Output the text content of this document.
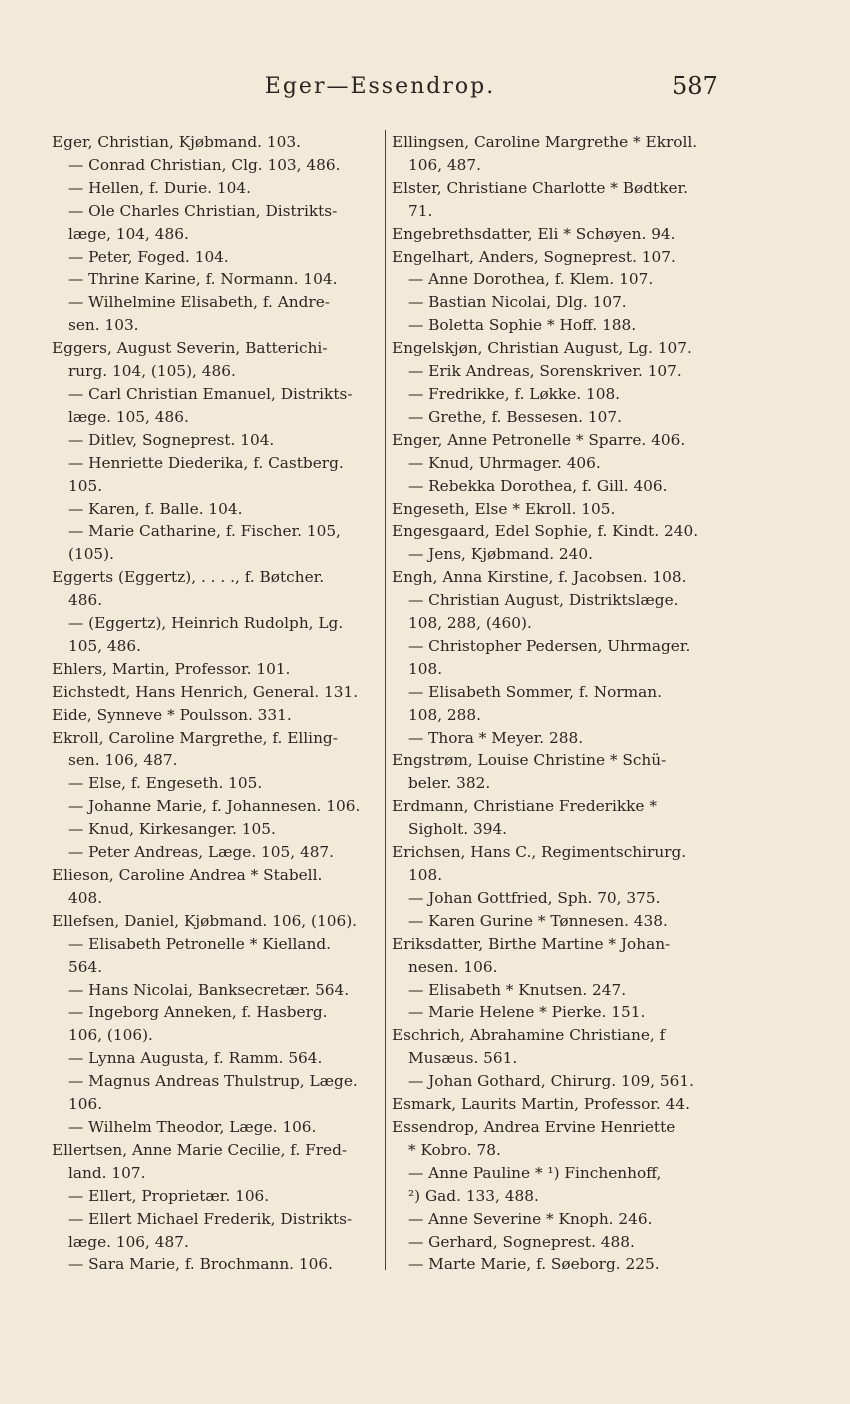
Eger—Essendrop.	587
Eger, Christian, Kjøbmand. 103.
— Conrad Christian, Clg. 103, 486.
— Hellen, f. Durie. 104.
— Ole Charles Christian, Distrikts-
læge, 104, 486.
— Peter, Foged. 104.
— Thrine Karine, f. Normann. 104.
— Wilhelmine Elisabeth, f. Andre-
sen. 103.
Eggers, August Severin, Batterichi-
rurg. 104, (105), 486.
— Carl Christian Emanuel, Distrikts-
læge. 105, 486.
— Ditlev, Sogneprest. 104.
— Henriette Diederika, f. Castberg.
105.
— Karen, f. Balle. 104.
— Marie Catharine, f. Fischer. 105,
(105).
Eggerts (Eggertz), . . . ., f. Bøtcher.
486.
— (Eggertz), Heinrich Rudolph, Lg.
105, 486.
Ehlers, Martin, Professor. 101.
Eichstedt, Hans Henrich, General. 131.
Eide, Synneve * Poulsson. 331.
Ekroll, Caroline Margrethe, f. Elling-
sen. 106, 487.
— Else, f. Engeseth. 105.
— Johanne Marie, f. Johannesen. 106.
— Knud, Kirkesanger. 105.
— Peter Andreas, Læge. 105, 487.
Elieson, Caroline Andrea * Stabell.
408.
Ellefsen, Daniel, Kjøbmand. 106, (106).
— Elisabeth Petronelle * Kielland.
564.
— Hans Nicolai, Banksecretær. 564.
— Ingeborg Anneken, f. Hasberg.
106, (106).
— Lynna Augusta, f. Ramm. 564.
— Magnus Andreas Thulstrup, Læge.
106.
— Wilhelm Theodor, Læge. 106.
Ellertsen, Anne Marie Cecilie, f. Fred-
land. 107.
— Ellert, Proprietær. 106.
— Ellert Michael Frederik, Distrikts-
læge. 106, 487.
— Sara Marie, f. Brochmann. 106.
Ellingsen, Caroline Margrethe * Ekroll.
106, 487.
Elster, Christiane Charlotte * Bødtker.
71.
Engebrethsdatter, Eli * Schøyen. 94.
Engelhart, Anders, Sogneprest. 107.
— Anne Dorothea, f. Klem. 107.
— Bastian Nicolai, Dlg. 107.
— Boletta Sophie * Hoff. 188.
Engelskjøn, Christian August, Lg. 107.
— Erik Andreas, Sorenskriver. 107.
— Fredrikke, f. Løkke. 108.
— Grethe, f. Bessesen. 107.
Enger, Anne Petronelle * Sparre. 406.
— Knud, Uhrmager. 406.
— Rebekka Dorothea, f. Gill. 406.
Engeseth, Else * Ekroll. 105.
Engesgaard, Edel Sophie, f. Kindt. 240.
— Jens, Kjøbmand. 240.
Engh, Anna Kirstine, f. Jacobsen. 108.
— Christian August, Distriktslæge.
108, 288, (460).
— Christopher Pedersen, Uhrmager.
108.
— Elisabeth Sommer, f. Norman.
108, 288.
— Thora * Meyer. 288.
Engstrøm, Louise Christine * Schü-
beler. 382.
Erdmann, Christiane Frederikke *
Sigholt. 394.
Erichsen, Hans C., Regimentschirurg.
108.
— Johan Gottfried, Sph. 70, 375.
— Karen Gurine * Tønnesen. 438.
Eriksdatter, Birthe Martine * Johan-
nesen. 106.
— Elisabeth * Knutsen. 247.
— Marie Helene * Pierke. 151.
Eschrich, Abrahamine Christiane, f
Musæus. 561.
— Johan Gothard, Chirurg. 109, 561.
Esmark, Laurits Martin, Professor. 44.
Essendrop, Andrea Ervine Henriette
* Kobro. 78.
— Anne Pauline * ¹) Finchenhoff,
²) Gad. 133, 488.
— Anne Severine * Knoph. 246.
— Gerhard, Sogneprest. 488.
— Marte Marie, f. Søeborg. 225.
